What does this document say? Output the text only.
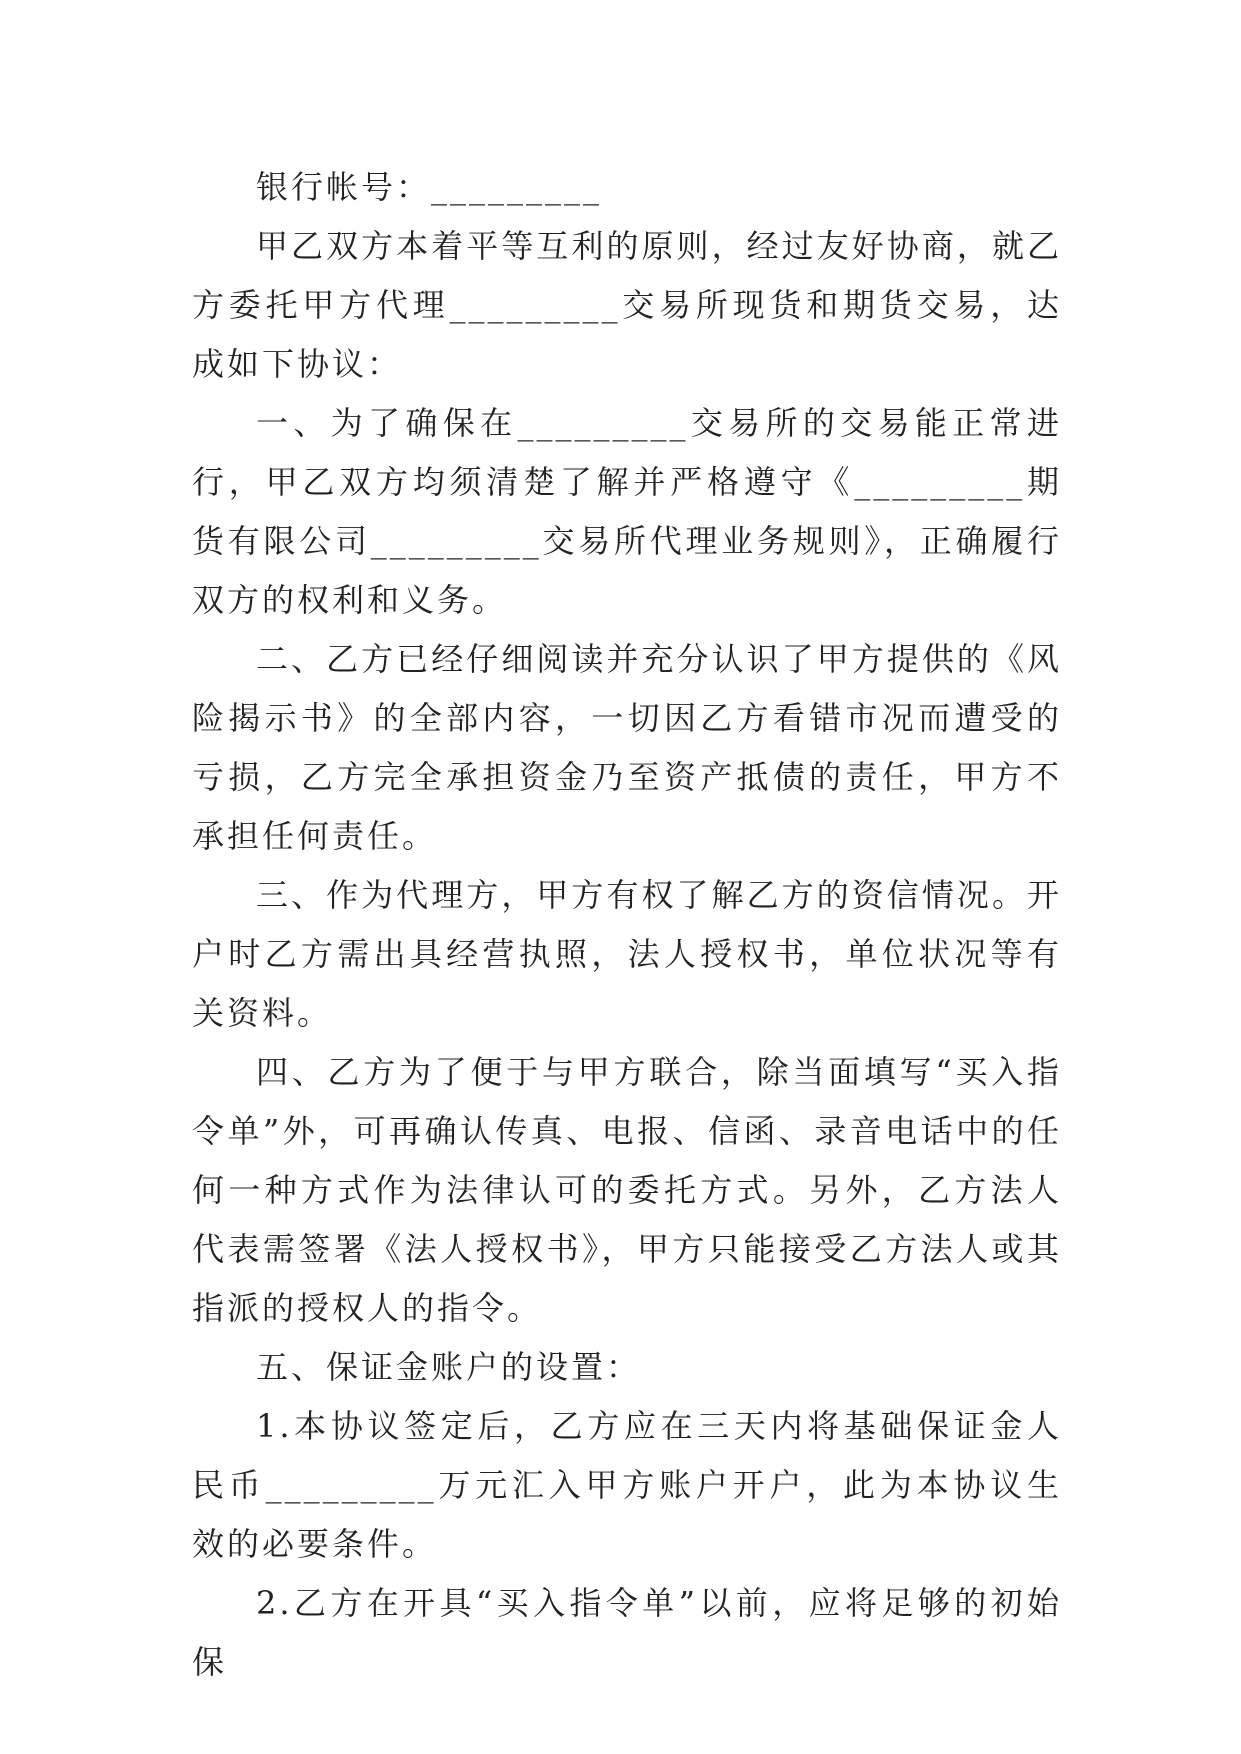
银行帐号：_________

甲乙双方本着平等互利的原则，经过友好协商，就乙方委托甲方代理_________交易所现货和期货交易，达成如下协议：

一、为了确保在_________交易所的交易能正常进行，甲乙双方均须清楚了解并严格遵守《_________期货有限公司_________交易所代理业务规则》，正确履行双方的权利和义务。

二、乙方已经仔细阅读并充分认识了甲方提供的《风险揭示书》的全部内容，一切因乙方看错市况而遭受的亏损，乙方完全承担资金乃至资产抵债的责任，甲方不承担任何责任。

三、作为代理方，甲方有权了解乙方的资信情况。开户时乙方需出具经营执照，法人授权书，单位状况等有关资料。

四、乙方为了便于与甲方联合，除当面填写“买入指令单”外，可再确认传真、电报、信函、录音电话中的任何一种方式作为法律认可的委托方式。另外，乙方法人代表需签署《法人授权书》，甲方只能接受乙方法人或其指派的授权人的指令。

五、保证金账户的设置：

1.本协议签定后，乙方应在三天内将基础保证金人民币_________万元汇入甲方账户开户，此为本协议生效的必要条件。

2.乙方在开具“买入指令单”以前，应将足够的初始保
